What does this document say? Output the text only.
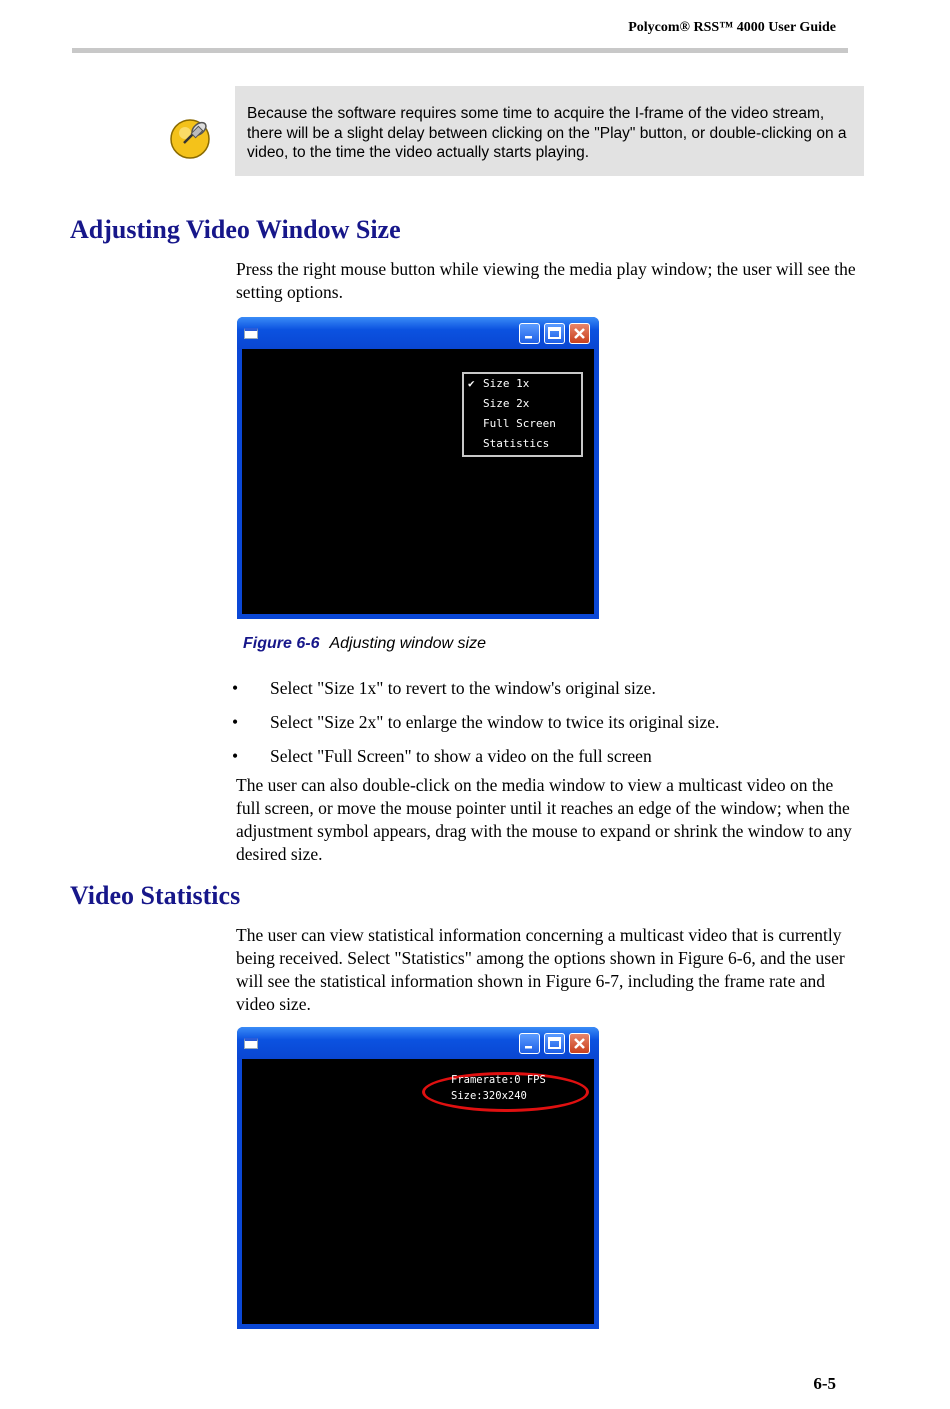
Polycom® RSS™ 4000 User Guide
Because the software requires some time to acquire the I-frame of the video stream, there will be a slight delay between clicking on the "Play" button, or double-clicking on a video, to the time the video actually starts playing.
Adjusting Video Window Size
Press the right mouse button while viewing the media play window; the user will see the setting options.
✔ Size 1x
Size 2x
Full Screen
Statistics
Figure 6-6 Adjusting window size
• Select "Size 1x" to revert to the window's original size.
• Select "Size 2x" to enlarge the window to twice its original size.
• Select "Full Screen" to show a video on the full screen
The user can also double-click on the media window to view a multicast video on the full screen, or move the mouse pointer until it reaches an edge of the window; when the adjustment symbol appears, drag with the mouse to expand or shrink the window to any desired size.
Video Statistics
The user can view statistical information concerning a multicast video that is currently being received. Select "Statistics" among the options shown in Figure 6-6, and the user will see the statistical information shown in Figure 6-7, including the frame rate and video size.
Framerate:0 FPS
Size:320x240
6-5
